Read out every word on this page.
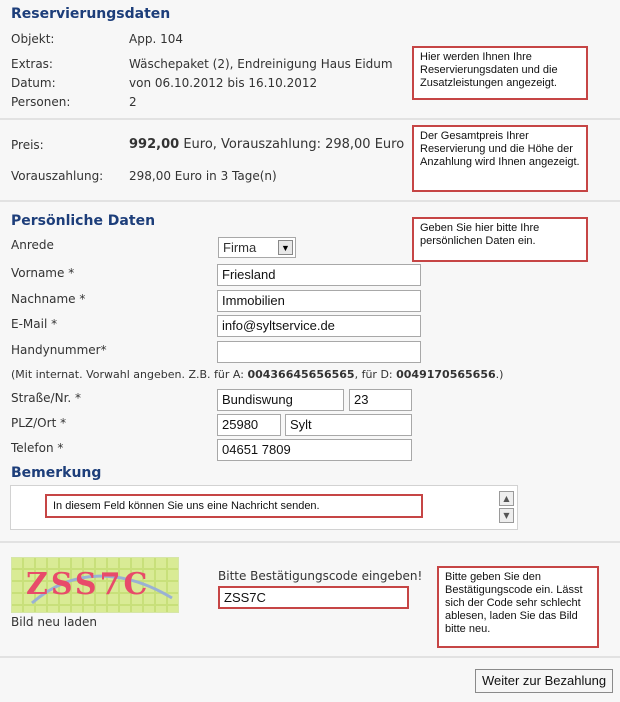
Reservierungsdaten
Objekt:	App. 104
Extras:	Wäschepaket (2), Endreinigung Haus Eidum
Datum:	von 06.10.2012 bis 16.10.2012
Personen:	2
Hier werden Ihnen Ihre Reservierungsdaten und die Zusatzleistungen angezeigt.
Preis:	992,00 Euro, Vorauszahlung: 298,00 Euro
Vorauszahlung: 298,00 Euro in 3 Tage(n)
Der Gesamtpreis Ihrer Reservierung und die Höhe der Anzahlung wird Ihnen angezeigt.
Persönliche Daten	Geben Sie hier bitte Ihre persönlichen Daten ein.
Anrede	Firma	▼
Vorname *	Friesland
Nachname *	Immobilien
E-Mail *	info@syltservice.de
Handynummer*
(Mit internat. Vorwahl angeben. Z.B. für A: 00436645656565, für D: 0049170565656.)
Straße/Nr. *	Bundiswung	23
PLZ/Ort *	25980	Sylt
Telefon *	04651 7809
Bemerkung
In diesem Feld können Sie uns eine Nachricht senden.
▲
▼
ZSS7C
Bild neu laden
Bitte Bestätigungscode eingeben!
ZSS7C
Bitte geben Sie den Bestätigungscode ein. Lässt sich der Code sehr schlecht ablesen, laden Sie das Bild bitte neu.
Weiter zur Bezahlung
